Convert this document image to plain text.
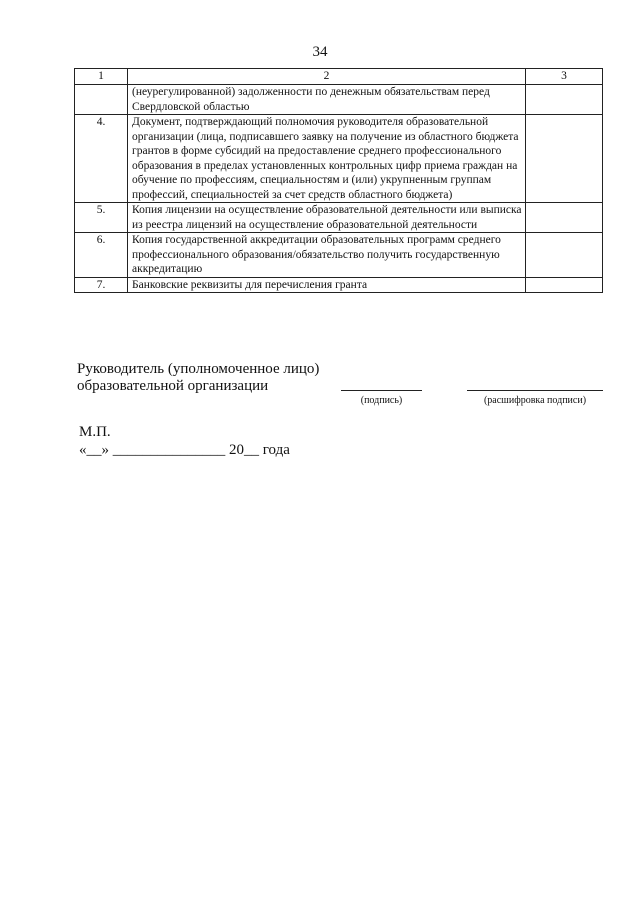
34
1	2	3
	(неурегулированной) задолженности по денежным обязательствам перед Свердловской областью	
4.	Документ, подтверждающий полномочия руководителя образовательной организации (лица, подписавшего заявку на получение из областного бюджета грантов в форме субсидий на предоставление среднего профессионального образования в пределах установленных контрольных цифр приема граждан на обучение по профессиям, специальностям и (или) укрупненным группам профессий, специальностей за счет средств областного бюджета)	
5.	Копия лицензии на осуществление образовательной деятельности или выписка из реестра лицензий на осуществление образовательной деятельности	
6.	Копия государственной аккредитации образовательных программ среднего профессионального образования/обязательство получить государственную аккредитацию	
7.	Банковские реквизиты для перечисления гранта	
Руководитель (уполномоченное лицо)
образовательной организации
(подпись)	(расшифровка подписи)
М.П.
«__» _______________ 20__ года
